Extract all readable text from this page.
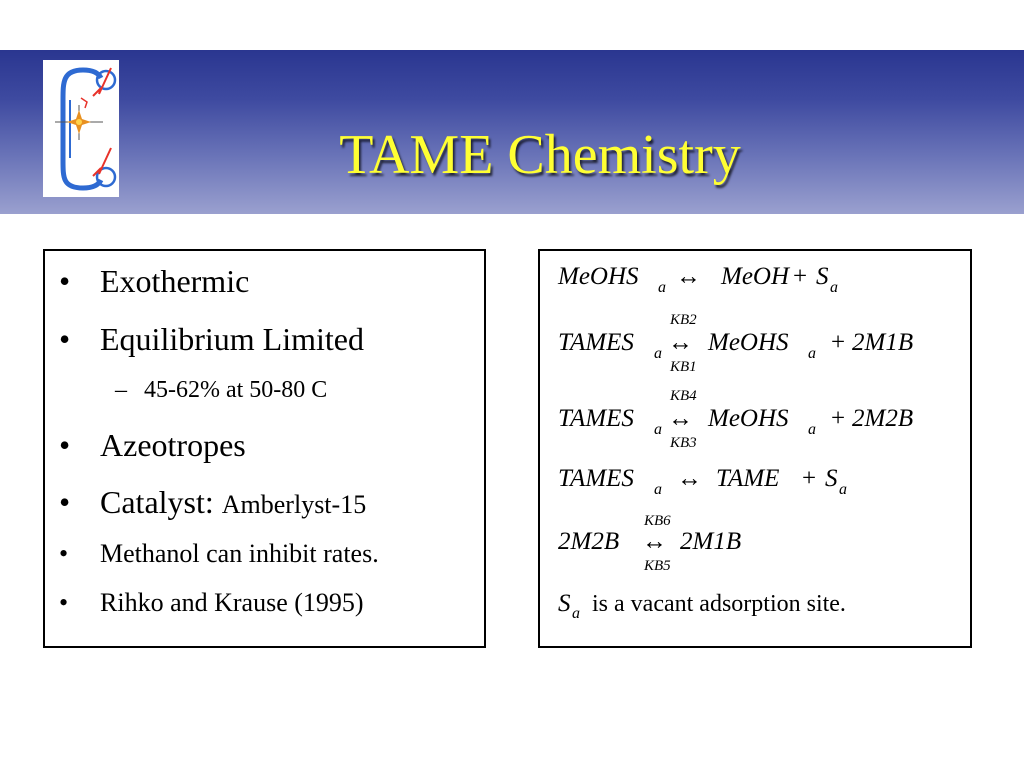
TAME Chemistry
• Exothermic
• Equilibrium Limited
– 45-62% at 50-80 C
• Azeotropes
• Catalyst: Amberlyst-15
• Methanol can inhibit rates.
• Rihko and Krause (1995)
MeOHS a ↔ MeOH + S a
KB2
TAMES a ↔
KB1
MeOHS a + 2M1B
KB4
TAMES a ↔
KB3
MeOHS a + 2M2B
TAMES a ↔ TAME + S a
KB6
2M2B ↔
KB5
2M1B
S a is a vacant adsorption site.
